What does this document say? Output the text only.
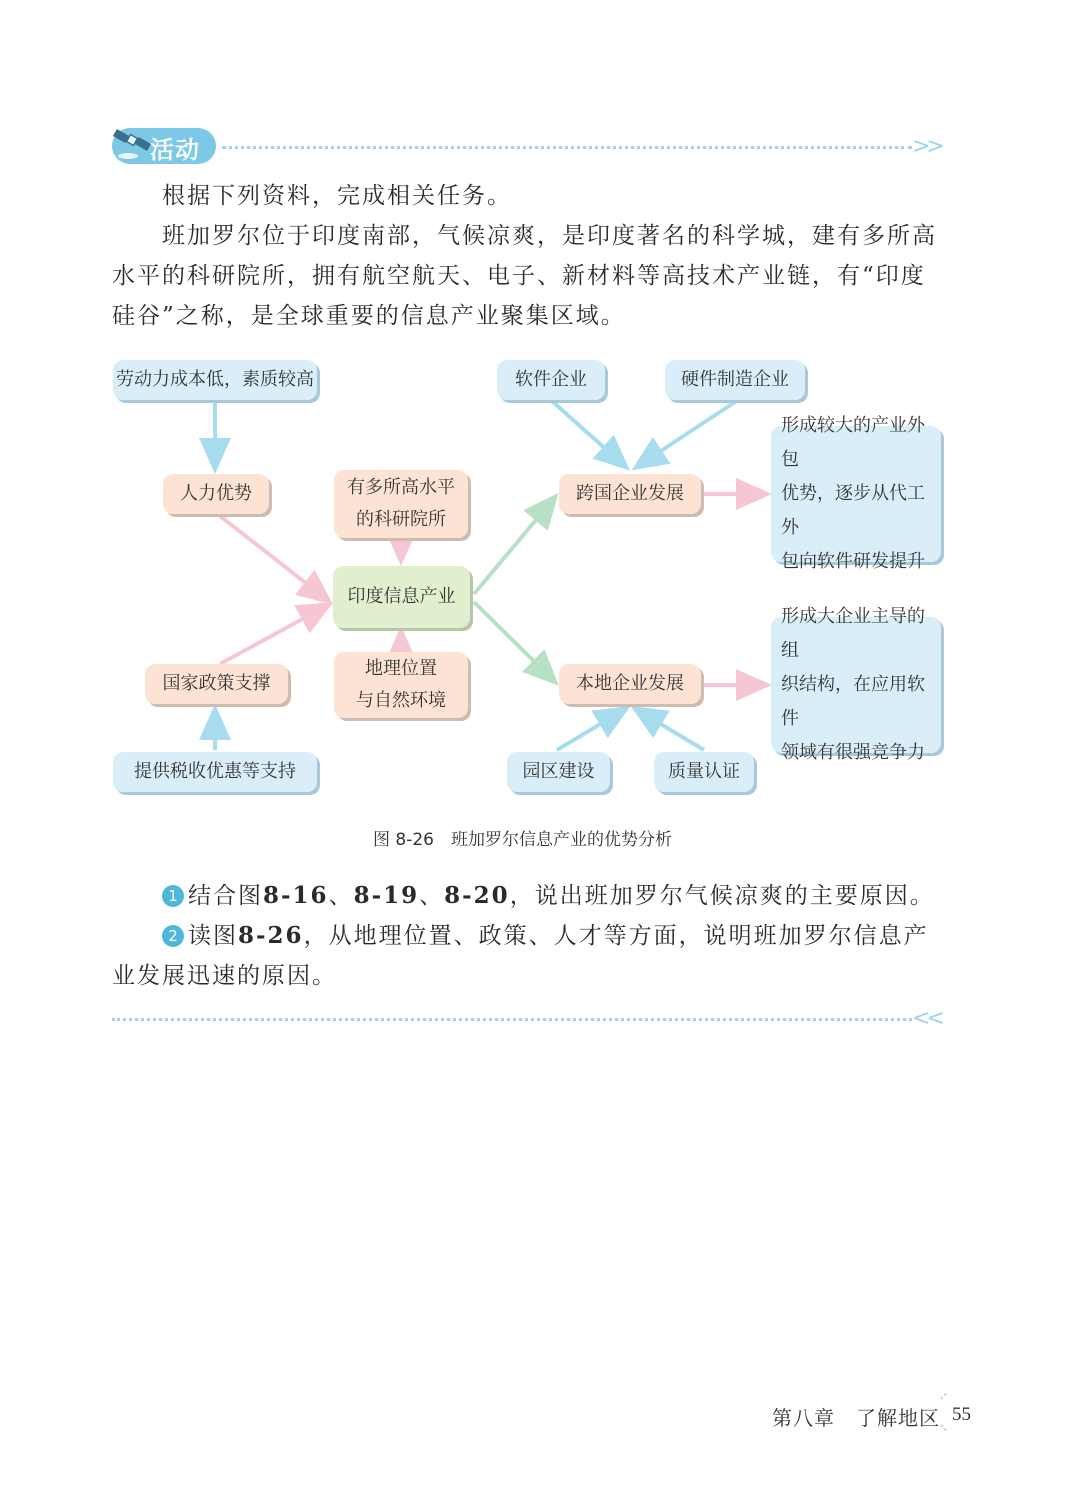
活动	>>
根据下列资料，完成相关任务。
班加罗尔位于印度南部，气候凉爽，是印度著名的科学城，建有多所高水平的科研院所，拥有航空航天、电子、新材料等高技术产业链，有“印度硅谷”之称，是全球重要的信息产业聚集区域。
劳动力成本低，素质较高
人力优势	有多所高水平
的科研院所
印度信息产业
国家政策支撑
地理位置
与自然环境
提供税收优惠等支持
软件企业	硬件制造企业
跨国企业发展
本地企业发展
园区建设	质量认证
形成较大的产业外包
优势，逐步从代工外
包向软件研发提升
形成大企业主导的组
织结构，在应用软件
领域有很强竞争力
图 8-26　班加罗尔信息产业的优势分析
1 结合图8-16、8-19、8-20，说出班加罗尔气候凉爽的主要原因。
2 读图8-26，从地理位置、政策、人才等方面，说明班加罗尔信息产业发展迅速的原因。
<<
第八章　了解地区 55
